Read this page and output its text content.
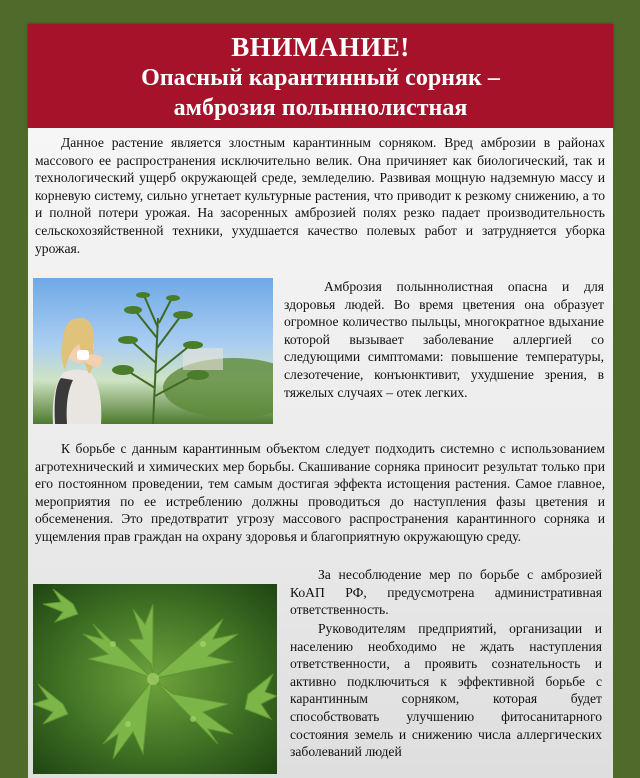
ВНИМАНИЕ!
Опасный карантинный сорняк –
амброзия полыннолистная
Данное растение является злостным карантинным сорняком. Вред амброзии в районах массового ее распространения исключительно велик. Она причиняет как биологический, так и технологический ущерб окружающей среде, земледелию. Развивая мощную надземную массу и корневую систему, сильно угнетает культурные растения, что приводит к резкому снижению, а то и полной потери урожая. На засоренных амброзией полях резко падает производительность сельскохозяйственной техники, ухудшается качество полевых работ и затрудняется уборка урожая.
Амброзия полыннолистная опасна и для здоровья людей. Во время цветения она образует огромное количество пыльцы, многократное вдыхание которой вызывает заболевание аллергией со следующими симптомами: повышение температуры, слезотечение, конъюнктивит, ухудшение зрения, в тяжелых случаях – отек легких.
К борьбе с данным карантинным объектом следует подходить системно с использованием агротехнический и химических мер борьбы. Скашивание сорняка приносит результат только при его постоянном проведении, тем самым достигая эффекта истощения растения. Самое главное, мероприятия по ее истреблению должны проводиться до наступления фазы цветения и обсеменения. Это предотвратит угрозу массового распространения карантинного сорняка и ущемления прав граждан на охрану здоровья и благоприятную окружающую среду.
За несоблюдение мер по борьбе с амброзией КоАП РФ, предусмотрена административная ответственность.
Руководителям предприятий, организации и населению необходимо не ждать наступления ответственности, а проявить сознательность и активно подключиться к эффективной борьбе с карантинным сорняком, которая будет способствовать улучшению фитосанитарного состояния земель и снижению числа аллергических заболеваний людей
